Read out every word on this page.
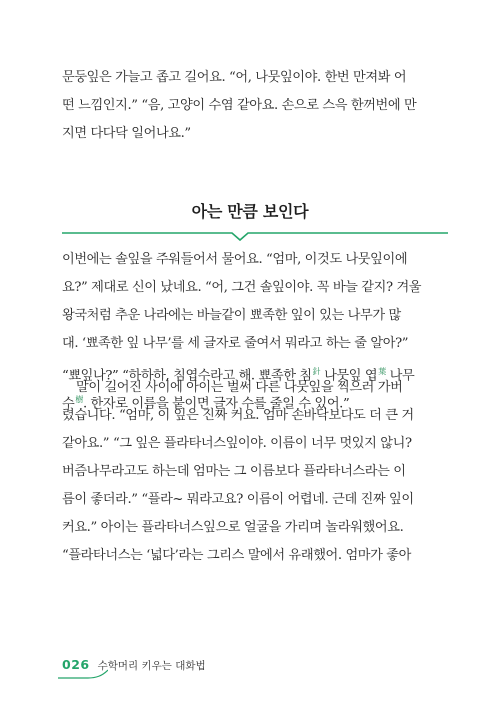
문둥잎은 가늘고 좁고 길어요. “어, 나뭇잎이야. 한번 만져봐 어
떤 느낌인지.” “음, 고양이 수염 같아요. 손으로 스윽 한꺼번에 만
지면 다다닥 일어나요.”

아는 만큼 보인다

이번에는 솔잎을 주워들어서 물어요. “엄마, 이것도 나뭇잎이에
요?” 제대로 신이 났네요. “어, 그건 솔잎이야. 꼭 바늘 같지? 겨울
왕국처럼 추운 나라에는 바늘같이 뾰족한 잎이 있는 나무가 많
대. ‘뾰족한 잎 나무’를 세 글자로 줄여서 뭐라고 하는 줄 알아?”
“뾰잎나?” “하하하, 침엽수라고 해. 뾰족한 침$^針$ 나뭇잎 엽$^葉$ 나무
수$^樹$. 한자로 이름을 붙이면 글자 수를 줄일 수 있어.”

말이 길어진 사이에 아이는 벌써 다른 나뭇잎을 찍으러 가버
렸습니다. “엄마, 이 잎은 진짜 커요. 엄마 손바닥보다도 더 큰 거
같아요.” “그 잎은 플라타너스잎이야. 이름이 너무 멋있지 않니?
버즘나무라고도 하는데 엄마는 그 이름보다 플라타너스라는 이
름이 좋더라.” “플라~ 뭐라고요? 이름이 어렵네. 근데 진짜 잎이
커요.” 아이는 플라타너스잎으로 얼굴을 가리며 놀라워했어요.
“플라타너스는 ‘넓다’라는 그리스 말에서 유래했어. 엄마가 좋아

026 수학머리 키우는 대화법
